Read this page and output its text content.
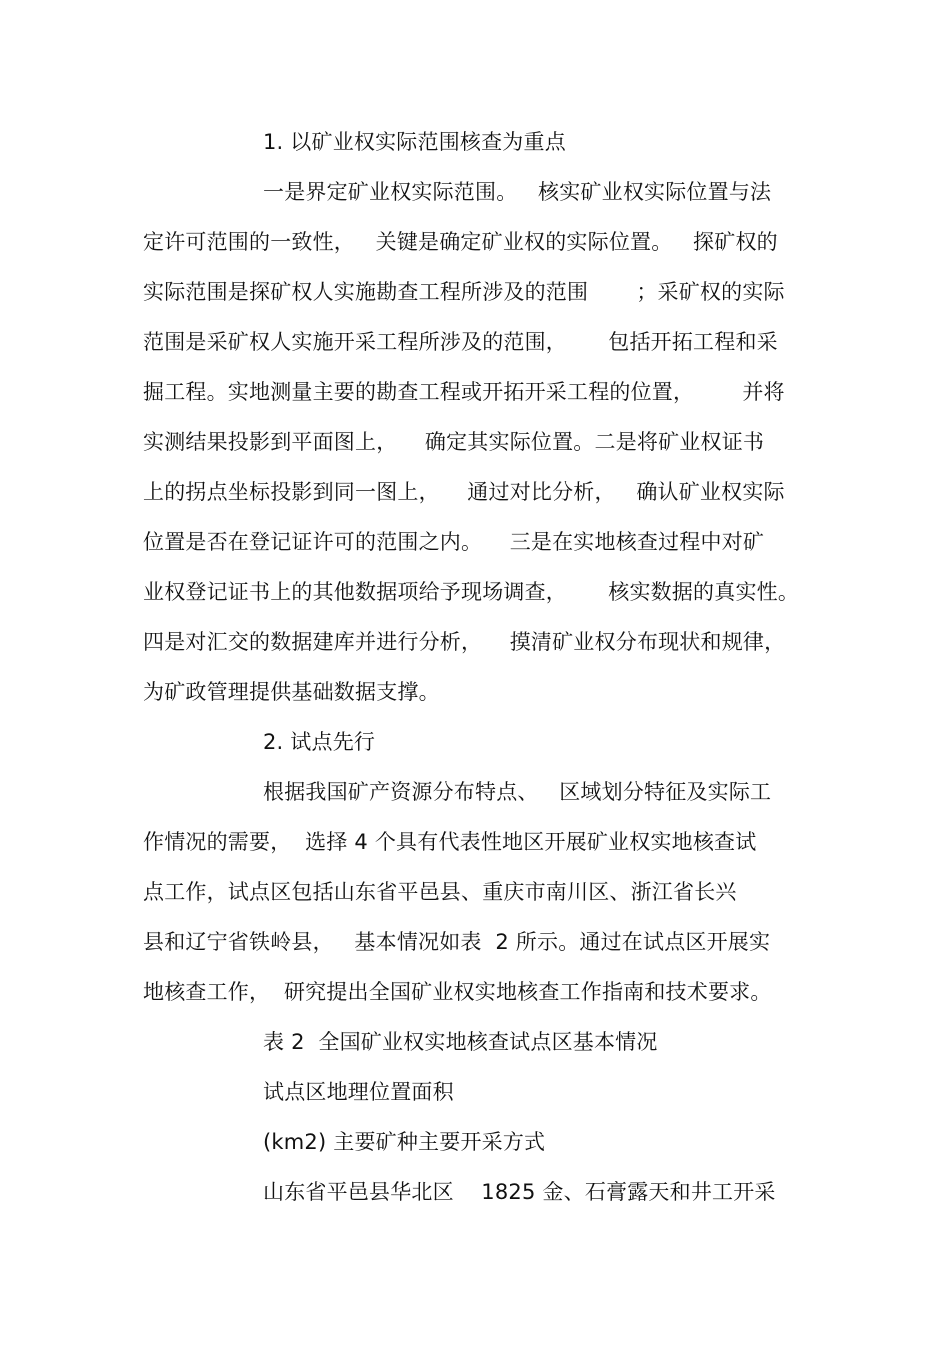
1. 以矿业权实际范围核查为重点
一是界定矿业权实际范围。   核实矿业权实际位置与法
定许可范围的一致性，   关键是确定矿业权的实际位置。   探矿权的
实际范围是探矿权人实施勘查工程所涉及的范围       ；采矿权的实际
范围是采矿权人实施开采工程所涉及的范围，      包括开拓工程和采
掘工程。实地测量主要的勘查工程或开拓开采工程的位置，       并将
实测结果投影到平面图上，    确定其实际位置。二是将矿业权证书
上的拐点坐标投影到同一图上，    通过对比分析，   确认矿业权实际
位置是否在登记证许可的范围之内。    三是在实地核查过程中对矿
业权登记证书上的其他数据项给予现场调查，      核实数据的真实性。
四是对汇交的数据建库并进行分析，    摸清矿业权分布现状和规律，
为矿政管理提供基础数据支撑。
2. 试点先行
根据我国矿产资源分布特点、   区域划分特征及实际工
作情况的需要，  选择 4 个具有代表性地区开展矿业权实地核查试
点工作，试点区包括山东省平邑县、重庆市南川区、浙江省长兴
县和辽宁省铁岭县，   基本情况如表  2 所示。通过在试点区开展实
地核查工作，  研究提出全国矿业权实地核查工作指南和技术要求。
表 2  全国矿业权实地核查试点区基本情况
试点区地理位置面积
(km2) 主要矿种主要开采方式
山东省平邑县华北区    1825 金、石膏露天和井工开采
